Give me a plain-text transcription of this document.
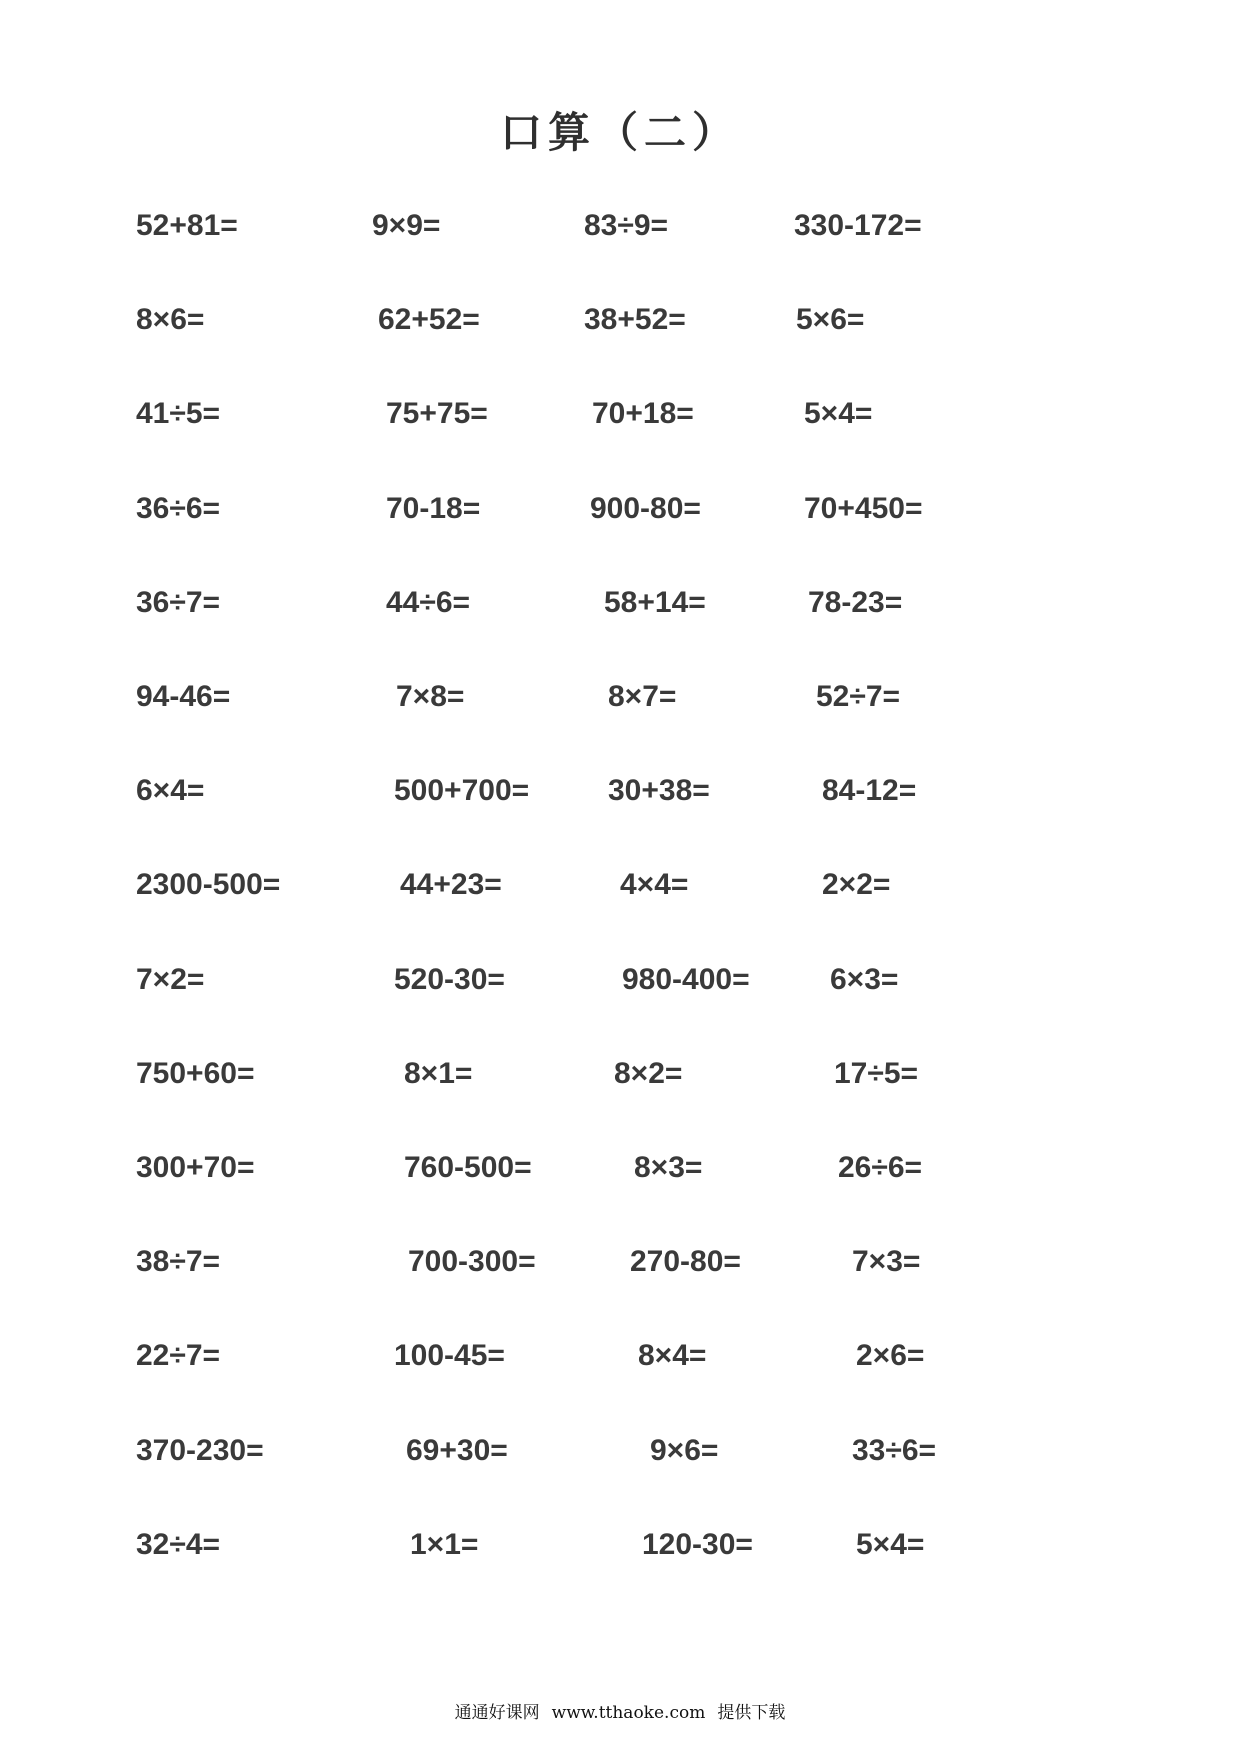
口算（二）
52+81=	9×9=	83÷9=	330-172=
8×6=	62+52=	38+52=	5×6=
41÷5=	75+75=	70+18=	5×4=
36÷6=	70-18=	900-80=	70+450=
36÷7=	44÷6=	58+14=	78-23=
94-46=	7×8=	8×7=	52÷7=
6×4=	500+700=	30+38=	84-12=
2300-500=	44+23=	4×4=	2×2=
7×2=	520-30=	980-400=	6×3=
750+60=	8×1=	8×2=	17÷5=
300+70=	760-500=	8×3=	26÷6=
38÷7=	700-300=	270-80=	7×3=
22÷7=	100-45=	8×4=	2×6=
370-230=	69+30=	9×6=	33÷6=
32÷4=	1×1=	120-30=	5×4=
通通好课网 www.tthaoke.com 提供下载
